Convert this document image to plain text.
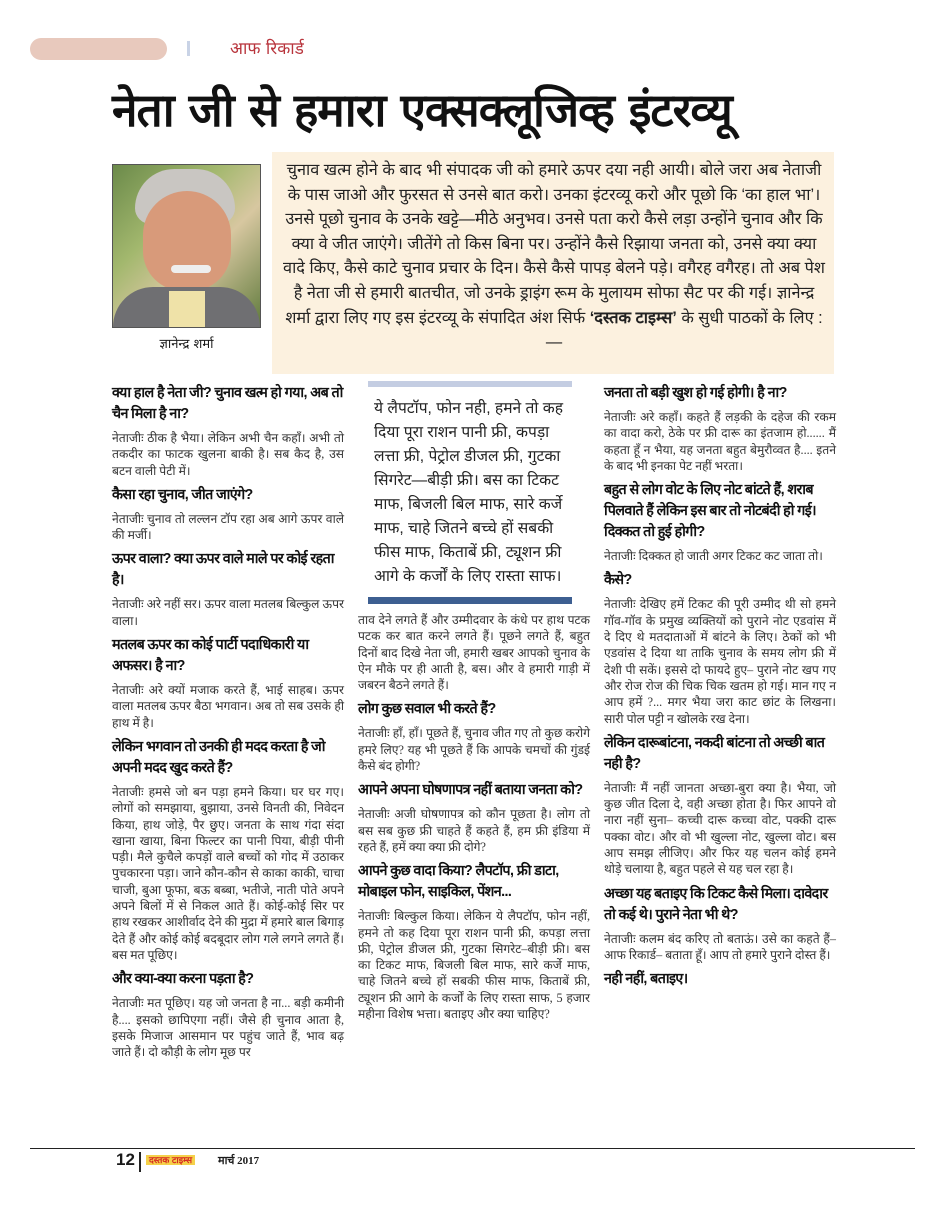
आफ रिकार्ड
नेता जी से हमारा एक्सक्लूजिव्ह इंटरव्यू
ज्ञानेन्द्र शर्मा
चुनाव खत्म होने के बाद भी संपादक जी को हमारे ऊपर दया नही आयी। बोले जरा अब नेताजी के पास जाओ और फुरसत से उनसे बात करो। उनका इंटरव्यू करो और पूछो कि ‘का हाल भा’। उनसे पूछो चुनाव के उनके खट्टे—मीठे अनुभव। उनसे पता करो कैसे लड़ा उन्होंने चुनाव और कि क्या वे जीत जाएंगे। जीतेंगे तो किस बिना पर। उन्होंने कैसे रिझाया जनता को, उनसे क्या क्या वादे किए, कैसे काटे चुनाव प्रचार के दिन। कैसे कैसे पापड़ बेलने पड़े। वगैरह वगैरह। तो अब पेश है नेता जी से हमारी बातचीत, जो उनके ड्राइंग रूम के मुलायम सोफा सैट पर की गई। ज्ञानेन्द्र शर्मा द्वारा लिए गए इस इंटरव्यू के संपादित अंश सिर्फ ‘दस्तक टाइम्स’ के सुधी पाठकों के लिए :—

क्या हाल है नेता जी? चुनाव खत्म हो गया, अब तो चैन मिला है ना?

नेताजीः ठीक है भैया। लेकिन अभी चैन कहाँ। अभी तो तकदीर का फाटक खुलना बाकी है। सब कैद है, उस बटन वाली पेटी में।

कैसा रहा चुनाव, जीत जाएंगे?

नेताजीः चुनाव तो लल्लन टॉप रहा अब आगे ऊपर वाले की मर्जी।

ऊपर वाला? क्या ऊपर वाले माले पर कोई रहता है।

नेताजीः अरे नहीं सर। ऊपर वाला मतलब बिल्कुल ऊपर वाला।

मतलब ऊपर का कोई पार्टी पदाधिकारी या अफसर। है ना?

नेताजीः अरे क्यों मजाक करते हैं, भाई साहब। ऊपर वाला मतलब ऊपर बैठा भगवान। अब तो सब उसके ही हाथ में है।

लेकिन भगवान तो उनकी ही मदद करता है जो अपनी मदद खुद करते हैं?

नेताजीः हमसे जो बन पड़ा हमने किया। घर घर गए। लोगों को समझाया, बुझाया, उनसे विनती की, निवेदन किया, हाथ जोड़े, पैर छुए। जनता के साथ गंदा संदा खाना खाया, बिना फिल्टर का पानी पिया, बीड़ी पीनी पड़ी। मैले कुचैले कपड़ों वाले बच्चों को गोद में उठाकर पुचकारना पड़ा। जाने कौन-कौन से काका काकी, चाचा चाजी, बुआ फूफा, बऊ बब्बा, भतीजे, नाती पोते अपने अपने बिलों में से निकल आते हैं। कोई-कोई सिर पर हाथ रखकर आशीर्वाद देने की मुद्रा में हमारे बाल बिगाड़ देते हैं और कोई कोई बदबूदार लोग गले लगने लगते हैं। बस मत पूछिए।

और क्या-क्या करना पड़ता है?

नेताजीः मत पूछिए। यह जो जनता है ना... बड़ी कमीनी है.... इसको छापिएगा नहीं। जैसे ही चुनाव आता है, इसके मिजाज आसमान पर पहुंच जाते हैं, भाव बढ़ जाते हैं। दो कौड़ी के लोग मूछ पर

ये लैपटॉप, फोन नही, हमने तो कह दिया पूरा राशन पानी फ्री, कपड़ा लत्ता फ्री, पेट्रोल डीजल फ्री, गुटका सिगरेट—बीड़ी फ्री। बस का टिकट माफ, बिजली बिल माफ, सारे कर्जे माफ, चाहे जितने बच्चे हों सबकी फीस माफ, किताबें फ्री, ट्यूशन फ्री आगे के कर्जों के लिए रास्ता साफ।

ताव देने लगते हैं और उम्मीदवार के कंधे पर हाथ पटक पटक कर बात करने लगते हैं। पूछने लगते हैं, बहुत दिनों बाद दिखे नेता जी, हमारी खबर आपको चुनाव के ऐन मौके पर ही आती है, बस। और वे हमारी गाड़ी में जबरन बैठने लगते हैं।

लोग कुछ सवाल भी करते हैं?

नेताजीः हाँ, हाँ। पूछते हैं, चुनाव जीत गए तो कुछ करोगे हमरे लिए? यह भी पूछते हैं कि आपके चमचों की गुंडई कैसे बंद होगी?

आपने अपना घोषणापत्र नहीं बताया जनता को?

नेताजीः अजी घोषणापत्र को कौन पूछता है। लोग तो बस सब कुछ फ्री चाहते हैं कहते हैं, हम फ्री इंडिया में रहते हैं, हमें क्या क्या फ्री दोगे?

आपने कुछ वादा किया? लैपटॉप, फ्री डाटा, मोबाइल फोन, साइकिल, पेंशन...

नेताजीः बिल्कुल किया। लेकिन ये लैपटॉप, फोन नहीं, हमने तो कह दिया पूरा राशन पानी फ्री, कपड़ा लत्ता फ्री, पेट्रोल डीजल फ्री, गुटका सिगरेट–बीड़ी फ्री। बस का टिकट माफ, बिजली बिल माफ, सारे कर्जे माफ, चाहे जितने बच्चे हों सबकी फीस माफ, किताबें फ्री, ट्यूशन फ्री आगे के कर्जों के लिए रास्ता साफ, 5 हजार महीना विशेष भत्ता। बताइए और क्या चाहिए?

जनता तो बड़ी खुश हो गई होगी। है ना?

नेताजीः अरे कहाँ। कहते हैं लड़की के दहेज की रकम का वादा करो, ठेके पर फ्री दारू का इंतजाम हो...... मैं कहता हूँ न भैया, यह जनता बहुत बेमुरौव्वत है.... इतने के बाद भी इनका पेट नहीं भरता।

बहुत से लोग वोट के लिए नोट बांटते हैं, शराब पिलवाते हैं लेकिन इस बार तो नोटबंदी हो गई। दिक्कत तो हुई होगी?

नेताजीः दिक्कत हो जाती अगर टिकट कट जाता तो।

कैसे?

नेताजीः देखिए हमें टिकट की पूरी उम्मीद थी सो हमने गॉव-गॉव के प्रमुख व्यक्तियों को पुराने नोट एडवांस में दे दिए थे मतदाताओं में बांटने के लिए। ठेकों को भी एडवांस दे दिया था ताकि चुनाव के समय लोग फ्री में देशी पी सकें। इससे दो फायदे हुए– पुराने नोट खप गए और रोज रोज की चिक चिक खतम हो गई। मान गए न आप हमें ?... मगर भैया जरा काट छांट के लिखना। सारी पोल पट्टी न खोलके रख देना।

लेकिन दारूबांटना, नकदी बांटना तो अच्छी बात नही है?

नेताजीः मैं नहीं जानता अच्छा-बुरा क्या है। भैया, जो कुछ जीत दिला दे, वही अच्छा होता है। फिर आपने वो नारा नहीं सुना– कच्ची दारू कच्चा वोट, पक्की दारू पक्का वोट। और वो भी खुल्ला नोट, खुल्ला वोट। बस आप समझ लीजिए। और फिर यह चलन कोई हमने थोड़े चलाया है, बहुत पहले से यह चल रहा है।

अच्छा यह बताइए कि टिकट कैसे मिला। दावेदार तो कई थे। पुराने नेता भी थे?

नेताजीः कलम बंद करिए तो बताऊं। उसे का कहते हैं– आफ रिकार्ड– बताता हूँ। आप तो हमारे पुराने दोस्त हैं।

नही नहीं, बताइए।

12	दस्तक टाइम्स मार्च 2017
